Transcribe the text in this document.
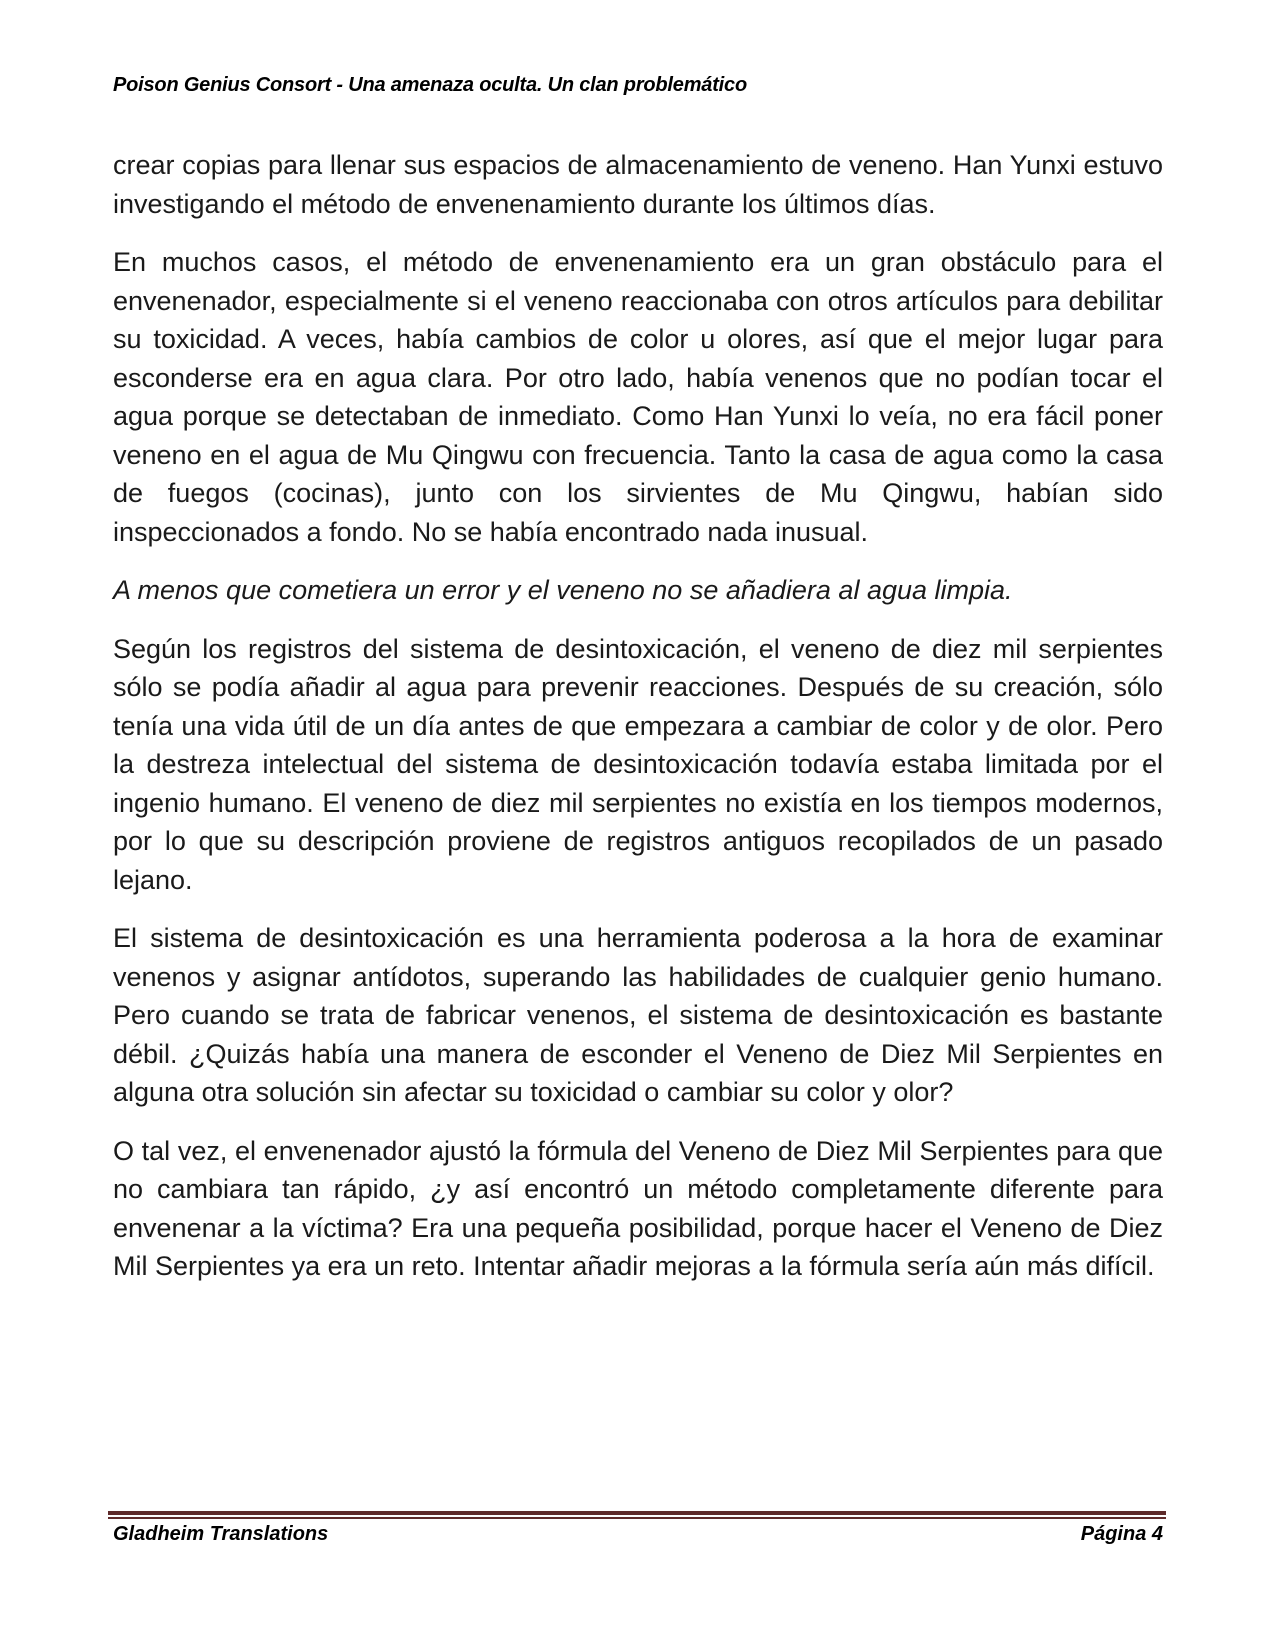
Poison Genius Consort - Una amenaza oculta. Un clan problemático

crear copias para llenar sus espacios de almacenamiento de veneno. Han Yunxi estuvo investigando el método de envenenamiento durante los últimos días.

En muchos casos, el método de envenenamiento era un gran obstáculo para el envenenador, especialmente si el veneno reaccionaba con otros artículos para debilitar su toxicidad. A veces, había cambios de color u olores, así que el mejor lugar para esconderse era en agua clara. Por otro lado, había venenos que no podían tocar el agua porque se detectaban de inmediato. Como Han Yunxi lo veía, no era fácil poner veneno en el agua de Mu Qingwu con frecuencia. Tanto la casa de agua como la casa de fuegos (cocinas), junto con los sirvientes de Mu Qingwu, habían sido inspeccionados a fondo. No se había encontrado nada inusual.

A menos que cometiera un error y el veneno no se añadiera al agua limpia.

Según los registros del sistema de desintoxicación, el veneno de diez mil serpientes sólo se podía añadir al agua para prevenir reacciones. Después de su creación, sólo tenía una vida útil de un día antes de que empezara a cambiar de color y de olor. Pero la destreza intelectual del sistema de desintoxicación todavía estaba limitada por el ingenio humano. El veneno de diez mil serpientes no existía en los tiempos modernos, por lo que su descripción proviene de registros antiguos recopilados de un pasado lejano.

El sistema de desintoxicación es una herramienta poderosa a la hora de examinar venenos y asignar antídotos, superando las habilidades de cualquier genio humano. Pero cuando se trata de fabricar venenos, el sistema de desintoxicación es bastante débil. ¿Quizás había una manera de esconder el Veneno de Diez Mil Serpientes en alguna otra solución sin afectar su toxicidad o cambiar su color y olor?

O tal vez, el envenenador ajustó la fórmula del Veneno de Diez Mil Serpientes para que no cambiara tan rápido, ¿y así encontró un método completamente diferente para envenenar a la víctima? Era una pequeña posibilidad, porque hacer el Veneno de Diez Mil Serpientes ya era un reto. Intentar añadir mejoras a la fórmula sería aún más difícil.

Gladheim Translations	Página 4
